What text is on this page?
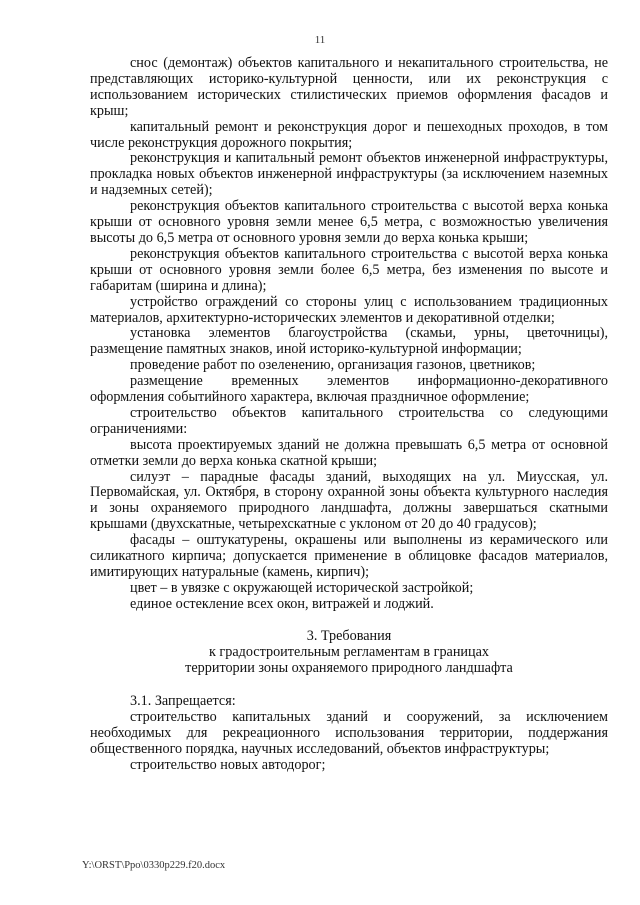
11

снос (демонтаж) объектов капитального и некапитального строительства, не представляющих историко-культурной ценности, или их реконструкция с использованием исторических стилистических приемов оформления фасадов и крыш;

капитальный ремонт и реконструкция дорог и пешеходных проходов, в том числе реконструкция дорожного покрытия;

реконструкция и капитальный ремонт объектов инженерной инфраструктуры, прокладка новых объектов инженерной инфраструктуры (за исключением наземных и надземных сетей);

реконструкция объектов капитального строительства с высотой верха конька крыши от основного уровня земли менее 6,5 метра, с возможностью увеличения высоты до 6,5 метра от основного уровня земли до верха конька крыши;

реконструкция объектов капитального строительства с высотой верха конька крыши от основного уровня земли более 6,5 метра, без изменения по высоте и габаритам (ширина и длина);

устройство ограждений со стороны улиц с использованием традиционных материалов, архитектурно-исторических элементов и декоративной отделки;

установка элементов благоустройства (скамьи, урны, цветочницы), размещение памятных знаков, иной историко-культурной информации;

проведение работ по озеленению, организация газонов, цветников;

размещение временных элементов информационно-декоративного оформления событийного характера, включая праздничное оформление;

строительство объектов капитального строительства со следующими ограничениями:

высота проектируемых зданий не должна превышать 6,5 метра от основной отметки земли до верха конька скатной крыши;

силуэт – парадные фасады зданий, выходящих на ул. Миусская, ул. Первомайская, ул. Октября, в сторону охранной зоны объекта культурного наследия и зоны охраняемого природного ландшафта, должны завершаться скатными крышами (двухскатные, четырехскатные с уклоном от 20 до 40 градусов);

фасады – оштукатурены, окрашены или выполнены из керамического или силикатного кирпича; допускается применение в облицовке фасадов материалов, имитирующих натуральные (камень, кирпич);

цвет – в увязке с окружающей исторической застройкой;

единое остекление всех окон, витражей и лоджий.

3. Требования
к градостроительным регламентам в границах
территории зоны охраняемого природного ландшафта

3.1. Запрещается:

строительство капитальных зданий и сооружений, за исключением необходимых для рекреационного использования территории, поддержания общественного порядка, научных исследований, объектов инфраструктуры;

строительство новых автодорог;

Y:\ORST\Ppo\0330p229.f20.docx
